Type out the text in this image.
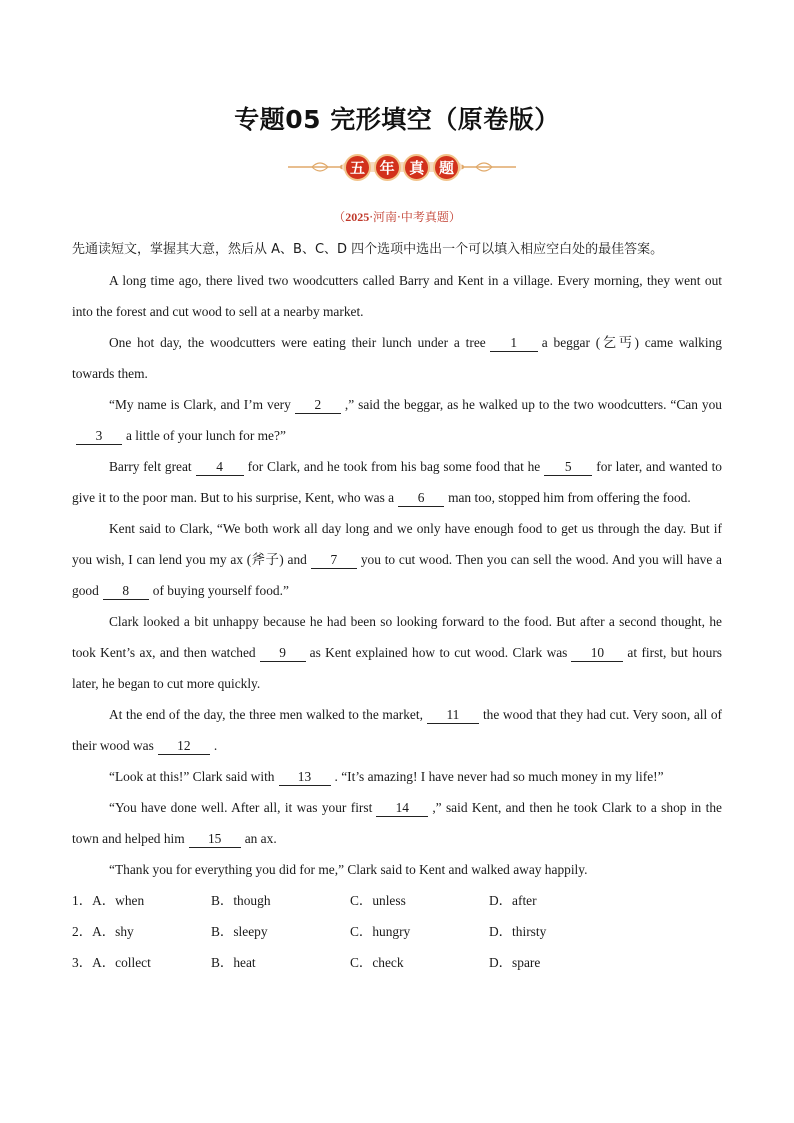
专题05 完形填空（原卷版）
五 年 真 题
（2025·河南·中考真题）

先通读短文，掌握其大意，然后从 A、B、C、D 四个选项中选出一个可以填入相应空白处的最佳答案。

A long time ago, there lived two woodcutters called Barry and Kent in a village. Every morning, they went out into the forest and cut wood to sell at a nearby market.

One hot day, the woodcutters were eating their lunch under a tree 1 a beggar (乞丐) came walking towards them.

“My name is Clark, and I’m very 2 ,” said the beggar, as he walked up to the two woodcutters. “Can you3 a little of your lunch for me?”

Barry felt great 4 for Clark, and he took from his bag some food that he 5 for later, and wanted to give it to the poor man. But to his surprise, Kent, who was a 6 man too, stopped him from offering the food.

Kent said to Clark, “We both work all day long and we only have enough food to get us through the day. But if you wish, I can lend you my ax (斧子) and 7 you to cut wood. Then you can sell the wood. And you will have a good 8 of buying yourself food.”

Clark looked a bit unhappy because he had been so looking forward to the food. But after a second thought, he took Kent’s ax, and then watched 9 as Kent explained how to cut wood. Clark was 10 at first, but hours later, he began to cut more quickly.

At the end of the day, the three men walked to the market, 11 the wood that they had cut. Very soon, all of their wood was 12 .

“Look at this!” Clark said with 13 . “It’s amazing! I have never had so much money in my life!”

“You have done well. After all, it was your first 14 ,” said Kent, and then he took Clark to a shop in the town and helped him 15 an ax.

“Thank you for everything you did for me,” Clark said to Kent and walked away happily.

1．A．when	B．though	C．unless	D．after
2．A．shy	B．sleepy	C．hungry	D．thirsty
3．A．collect	B．heat	C．check	D．spare
